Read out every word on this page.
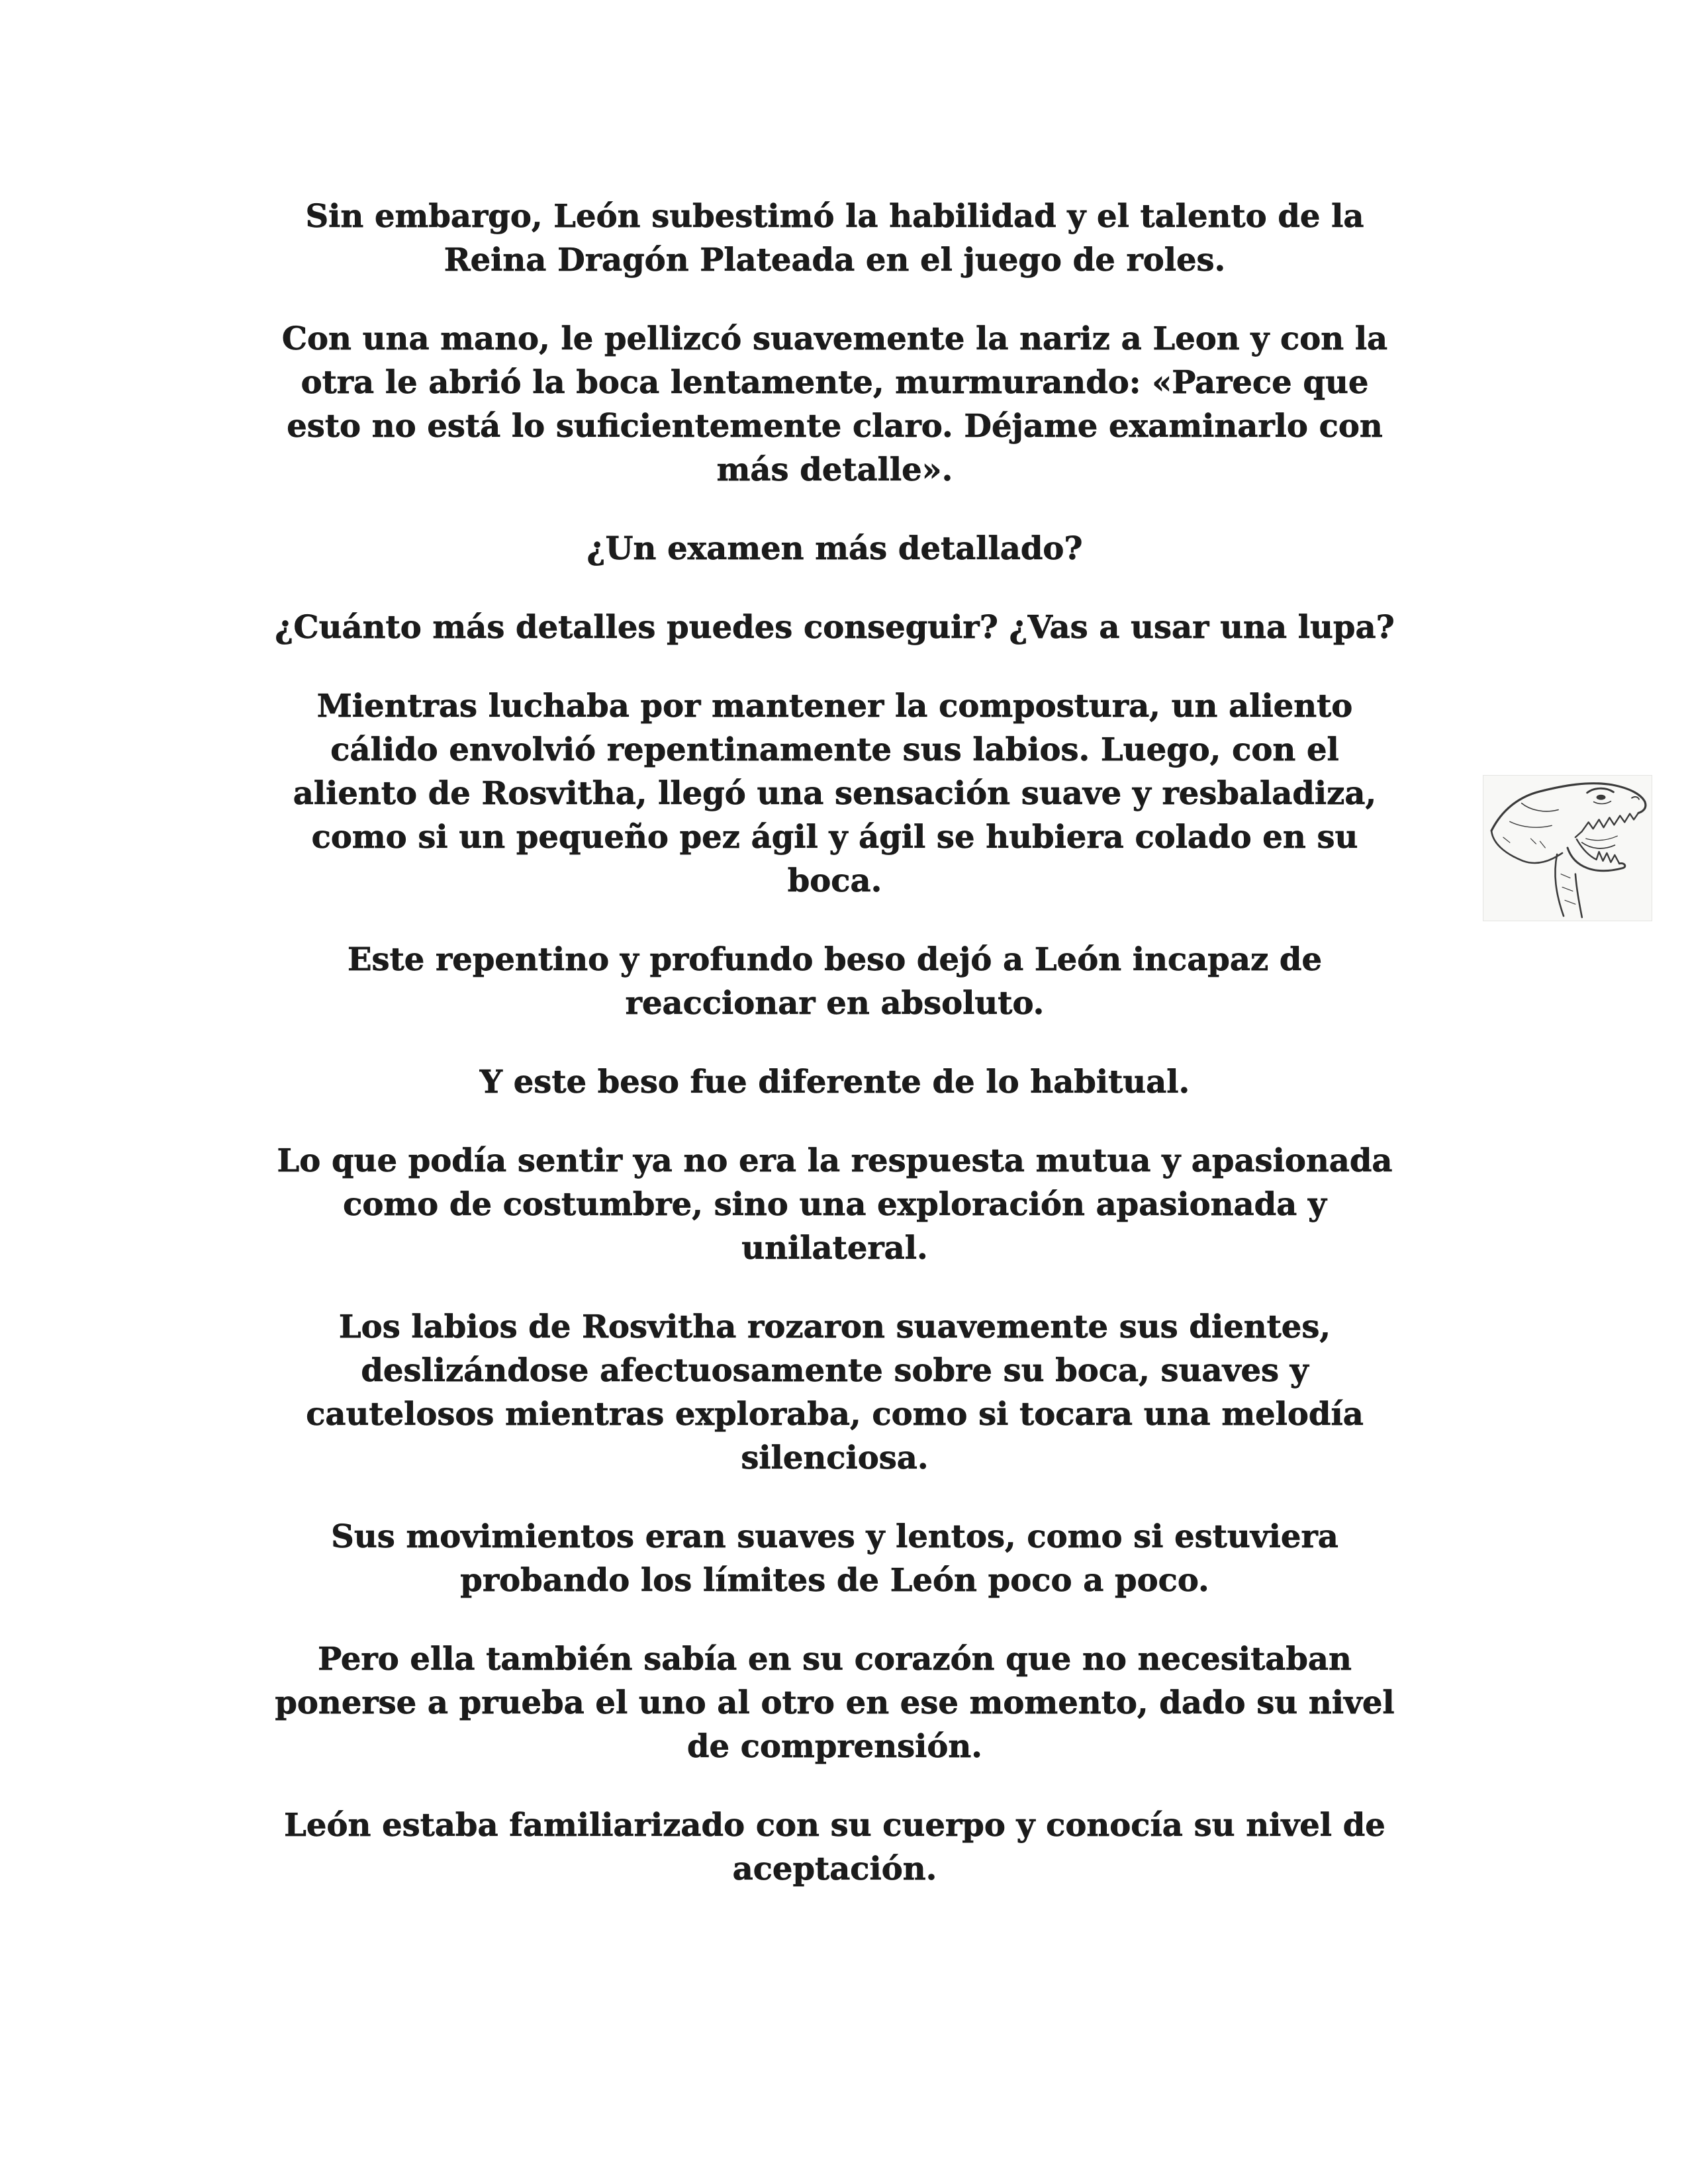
Sin embargo, León subestimó la habilidad y el talento de la
Reina Dragón Plateada en el juego de roles.

Con una mano, le pellizcó suavemente la nariz a Leon y con la
otra le abrió la boca lentamente, murmurando: «Parece que
esto no está lo suficientemente claro. Déjame examinarlo con
más detalle».

¿Un examen más detallado?

¿Cuánto más detalles puedes conseguir? ¿Vas a usar una lupa?

Mientras luchaba por mantener la compostura, un aliento
cálido envolvió repentinamente sus labios. Luego, con el
aliento de Rosvitha, llegó una sensación suave y resbaladiza,
como si un pequeño pez ágil y ágil se hubiera colado en su
boca.

Este repentino y profundo beso dejó a León incapaz de
reaccionar en absoluto.

Y este beso fue diferente de lo habitual.

Lo que podía sentir ya no era la respuesta mutua y apasionada
como de costumbre, sino una exploración apasionada y
unilateral.

Los labios de Rosvitha rozaron suavemente sus dientes,
deslizándose afectuosamente sobre su boca, suaves y
cautelosos mientras exploraba, como si tocara una melodía
silenciosa.

Sus movimientos eran suaves y lentos, como si estuviera
probando los límites de León poco a poco.

Pero ella también sabía en su corazón que no necesitaban
ponerse a prueba el uno al otro en ese momento, dado su nivel
de comprensión.

León estaba familiarizado con su cuerpo y conocía su nivel de
aceptación.
